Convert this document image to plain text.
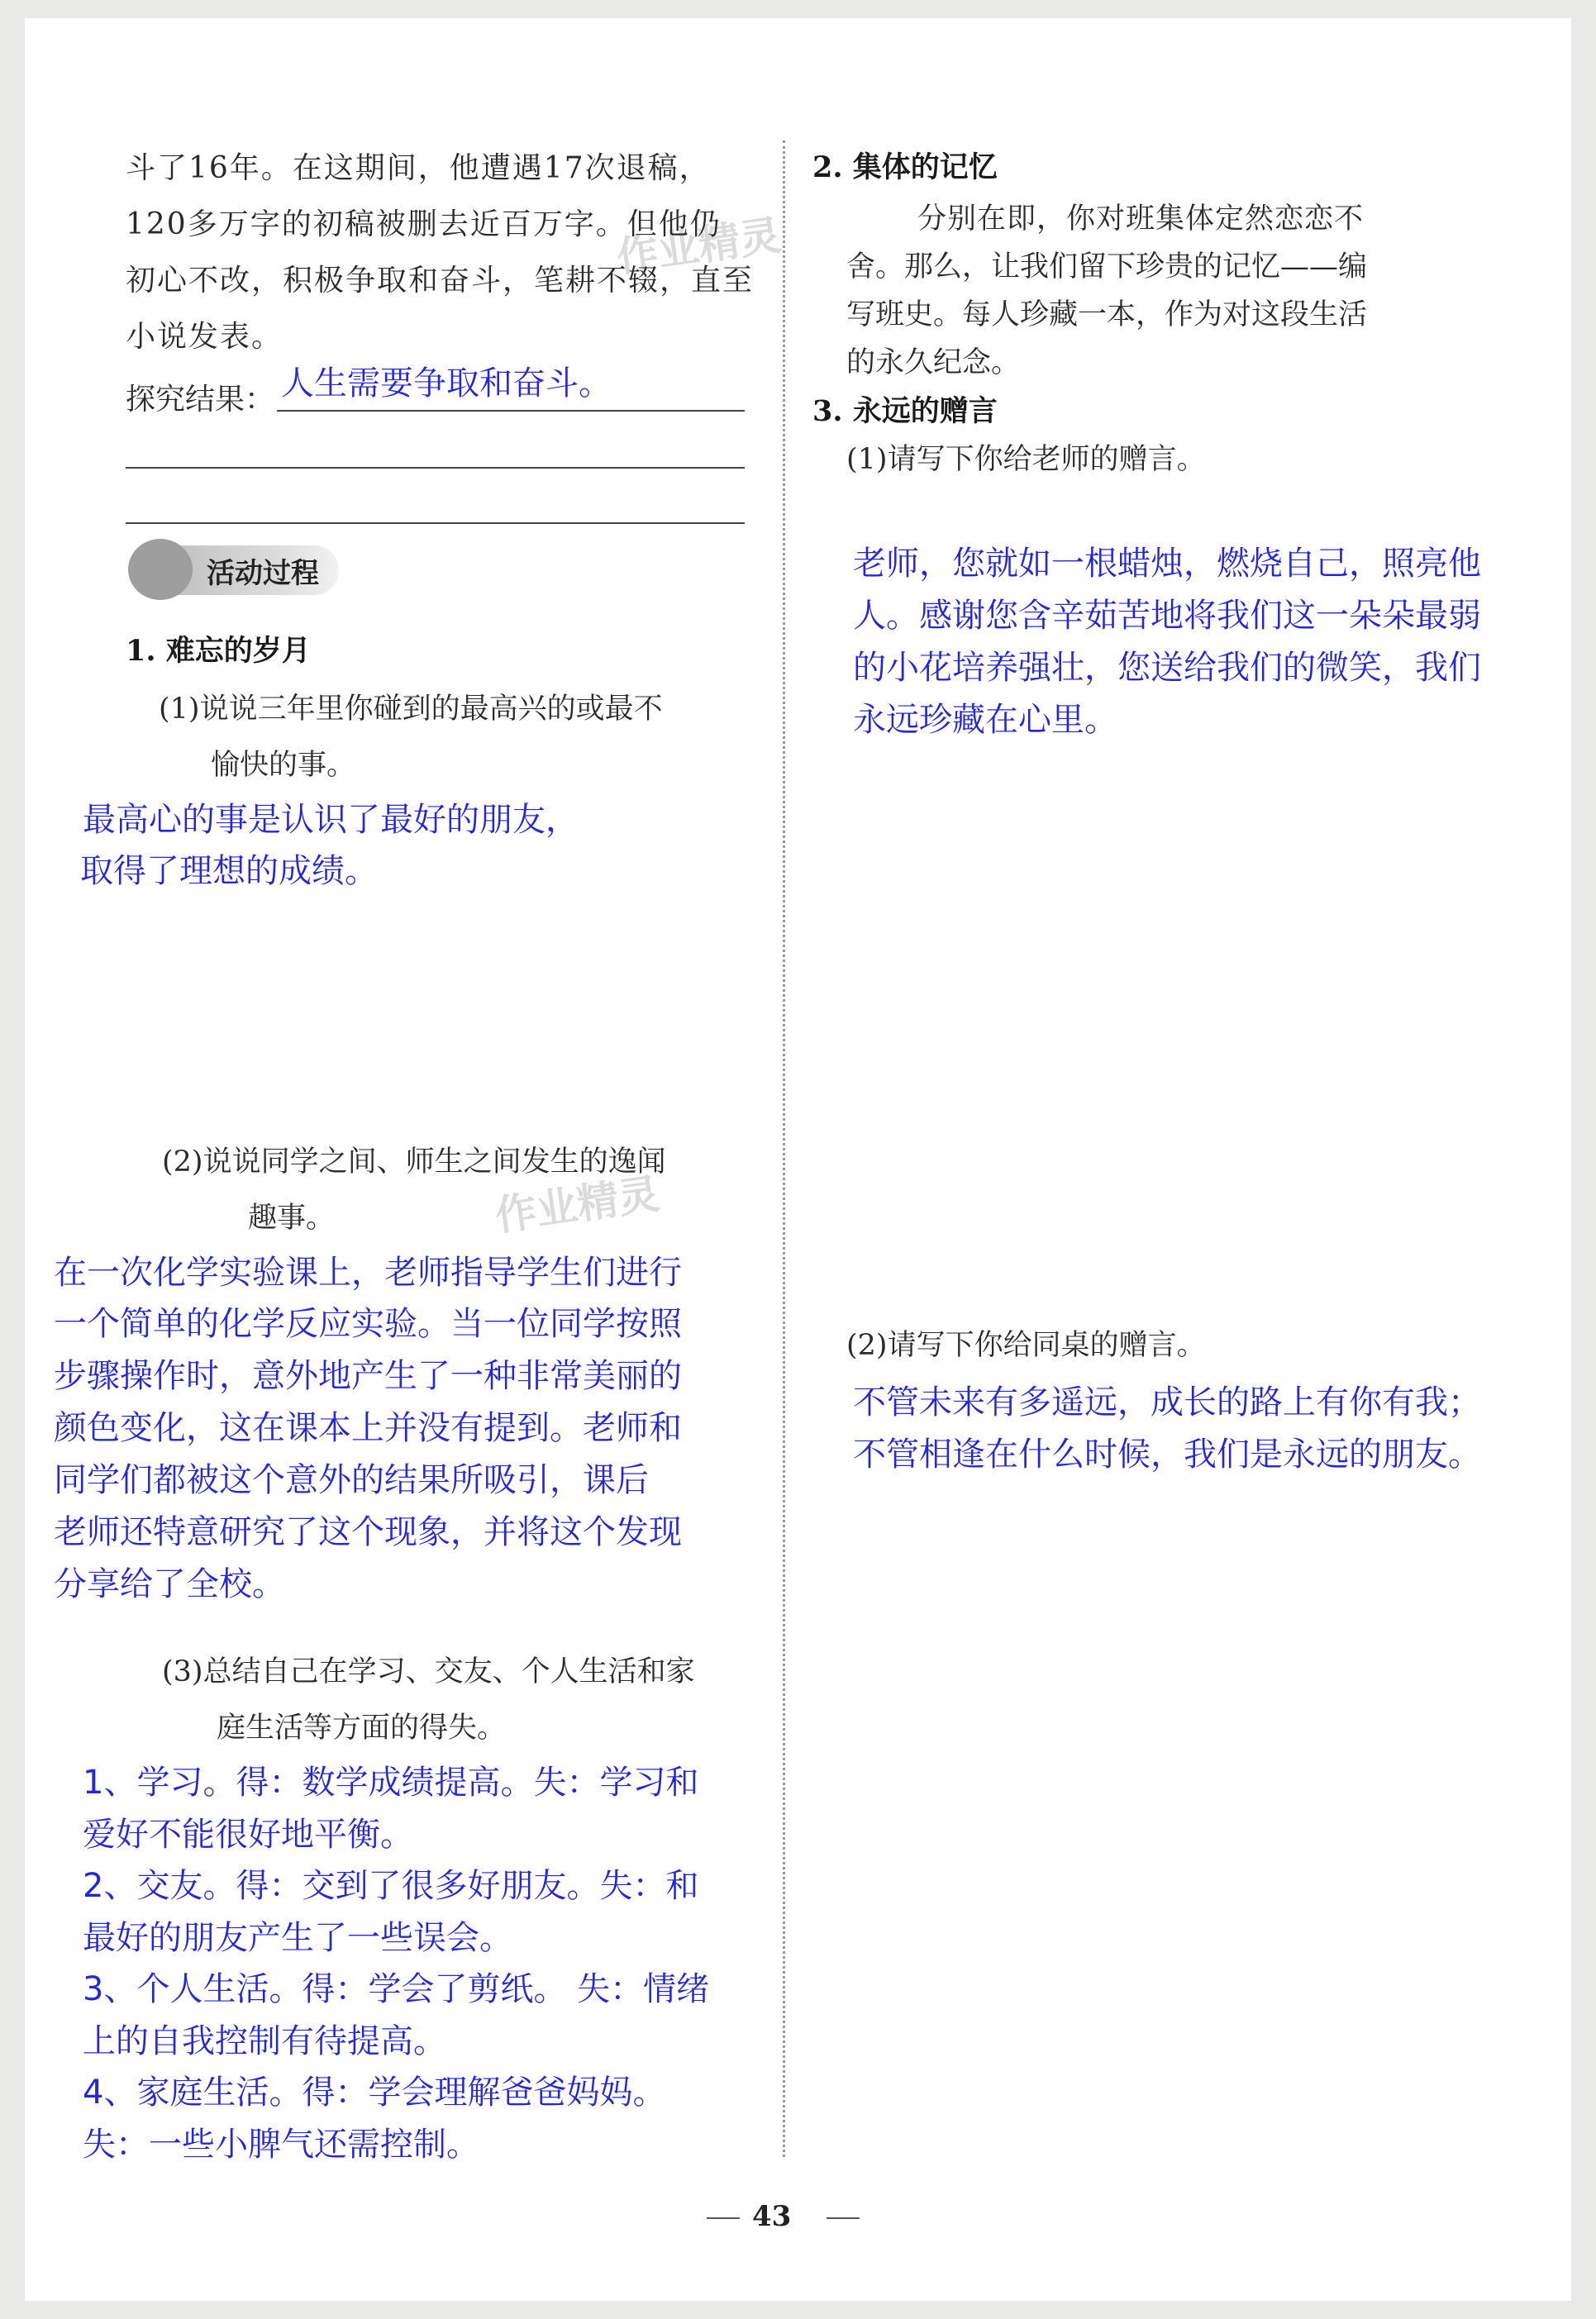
作业精灵
作业精灵
斗了16年。在这期间，他遭遇17次退稿，
120多万字的初稿被删去近百万字。但他仍
初心不改，积极争取和奋斗，笔耕不辍，直至
小说发表。
探究结果： 人生需要争取和奋斗。
活动过程
1. 难忘的岁月
(1)说说三年里你碰到的最高兴的或最不
愉快的事。
最高心的事是认识了最好的朋友，
取得了理想的成绩。
(2)说说同学之间、师生之间发生的逸闻
趣事。
在一次化学实验课上，老师指导学生们进行
一个简单的化学反应实验。当一位同学按照
步骤操作时，意外地产生了一种非常美丽的
颜色变化，这在课本上并没有提到。老师和
同学们都被这个意外的结果所吸引，课后
老师还特意研究了这个现象，并将这个发现
分享给了全校。
(3)总结自己在学习、交友、个人生活和家
庭生活等方面的得失。
1、学习。得：数学成绩提高。失：学习和
爱好不能很好地平衡。
2、交友。得：交到了很多好朋友。失：和
最好的朋友产生了一些误会。
3、个人生活。得：学会了剪纸。 失：情绪
上的自我控制有待提高。
4、家庭生活。得：学会理解爸爸妈妈。
失：一些小脾气还需控制。
2. 集体的记忆
分别在即，你对班集体定然恋恋不
舍。那么，让我们留下珍贵的记忆——编
写班史。每人珍藏一本，作为对这段生活
的永久纪念。
3. 永远的赠言
(1)请写下你给老师的赠言。
老师，您就如一根蜡烛，燃烧自己，照亮他
人。感谢您含辛茹苦地将我们这一朵朵最弱
的小花培养强壮，您送给我们的微笑，我们
永远珍藏在心里。
(2)请写下你给同桌的赠言。
不管未来有多遥远，成长的路上有你有我；
不管相逢在什么时候，我们是永远的朋友。
43
